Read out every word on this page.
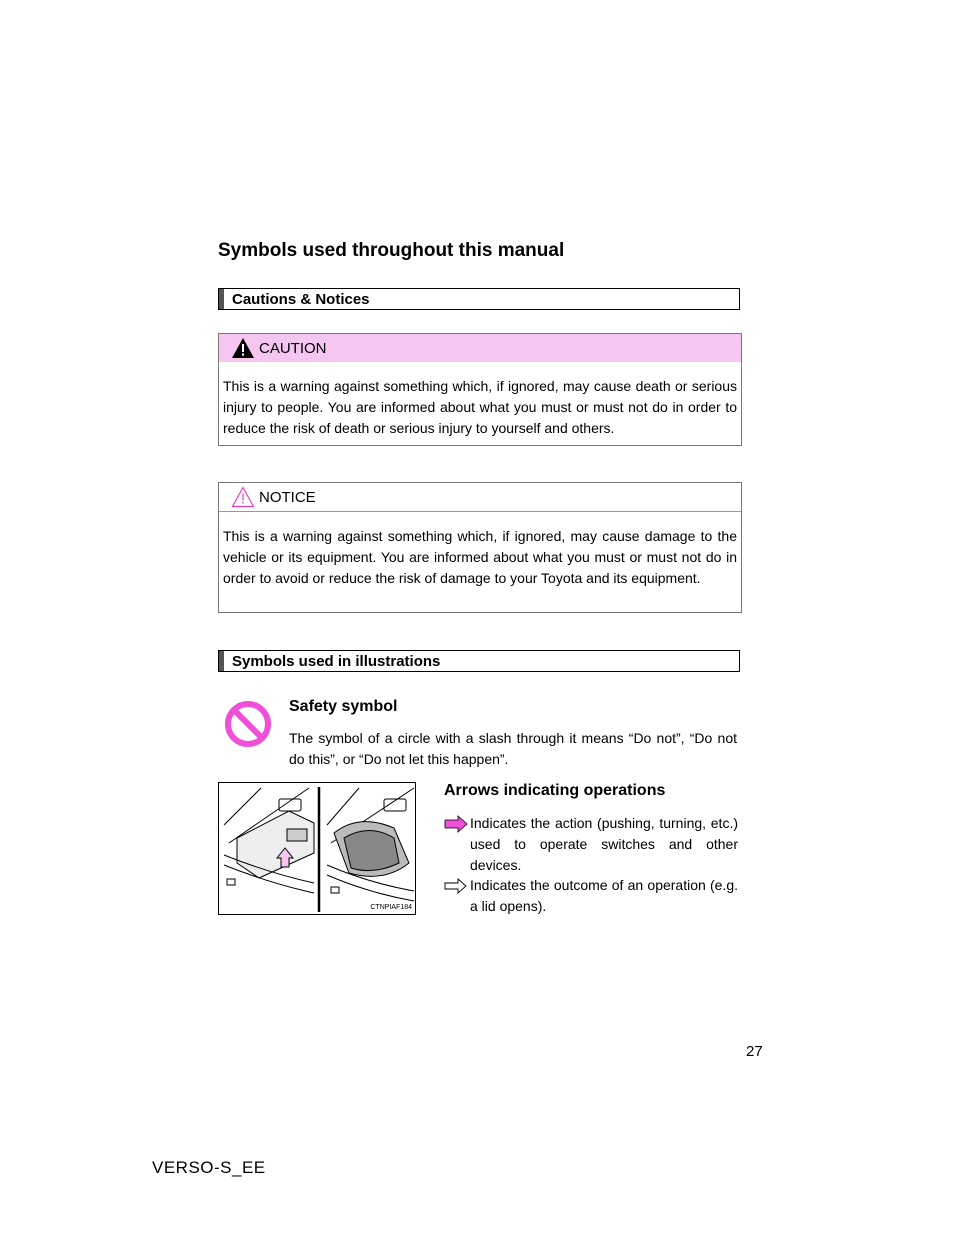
Symbols used throughout this manual
Cautions & Notices
CAUTION
This is a warning against something which, if ignored, may cause death or serious injury to people. You are informed about what you must or must not do in order to reduce the risk of death or serious injury to yourself and others.
NOTICE
This is a warning against something which, if ignored, may cause damage to the vehicle or its equipment. You are informed about what you must or must not do in order to avoid or reduce the risk of damage to your Toyota and its equipment.
Symbols used in illustrations
Safety symbol
The symbol of a circle with a slash through it means “Do not”, “Do not do this”, or “Do not let this happen”.
CTNPIAF184
Arrows indicating operations
Indicates the action (pushing, turning, etc.) used to operate switches and other devices.
Indicates the outcome of an operation (e.g. a lid opens).
27
VERSO-S_EE
